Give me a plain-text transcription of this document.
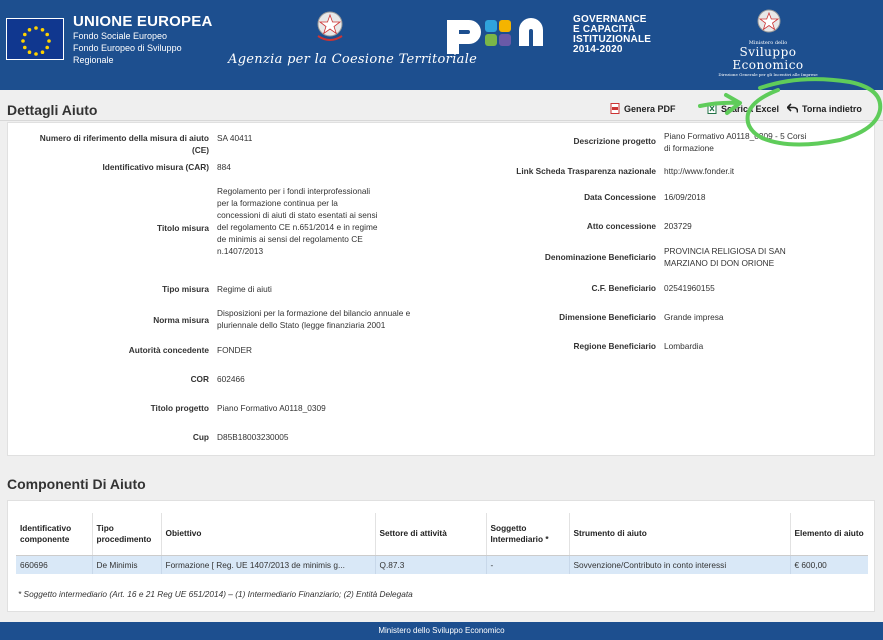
UNIONE EUROPEA
Fondo Sociale Europeo
Fondo Europeo di Sviluppo Regionale	Agenzia per la Coesione Territoriale
GOVERNANCE
E CAPACITÀ
ISTITUZIONALE
2014-2020
Ministero dello
Sviluppo Economico
Direzione Generale per gli Incentivi alle Imprese
Dettagli Aiuto	Genera PDF	Scarica Excel	Torna indietro
Numero di riferimento della misura di aiuto (CE)
SA 40411
Identificativo misura (CAR) 884
Titolo misura
Regolamento per i fondi interprofessionali per la formazione continua per la concessioni di aiuti di stato esentati ai sensi del regolamento CE n.651/2014 e in regime de minimis ai sensi del regolamento CE n.1407/2013
Tipo misura Regime di aiuti
Norma misura
Disposizioni per la formazione del bilancio annuale e pluriennale dello Stato (legge finanziaria 2001
Autorità concedente FONDER
COR 602466
Titolo progetto Piano Formativo A0118_0309
Cup D85B18003230005
Descrizione progetto Piano Formativo A0118_0309 - 5 Corsi di formazione
Link Scheda Trasparenza nazionale http://www.fonder.it
Data Concessione 16/09/2018
Atto concessione 203729
Denominazione Beneficiario
PROVINCIA RELIGIOSA DI SAN MARZIANO DI DON ORIONE
C.F. Beneficiario 02541960155
Dimensione Beneficiario Grande impresa
Regione Beneficiario Lombardia
Componenti Di Aiuto
Identificativo componente	Tipo procedimento	Obiettivo	Settore di attività	Soggetto Intermediario *	Strumento di aiuto	Elemento di aiuto
660696	De Minimis	Formazione [ Reg. UE 1407/2013 de minimis g...	Q.87.3	-	Sovvenzione/Contributo in conto interessi	€ 600,00
* Soggetto intermediario (Art. 16 e 21 Reg UE 651/2014) – (1) Intermediario Finanziario; (2) Entità Delegata
Ministero dello Sviluppo Economico
